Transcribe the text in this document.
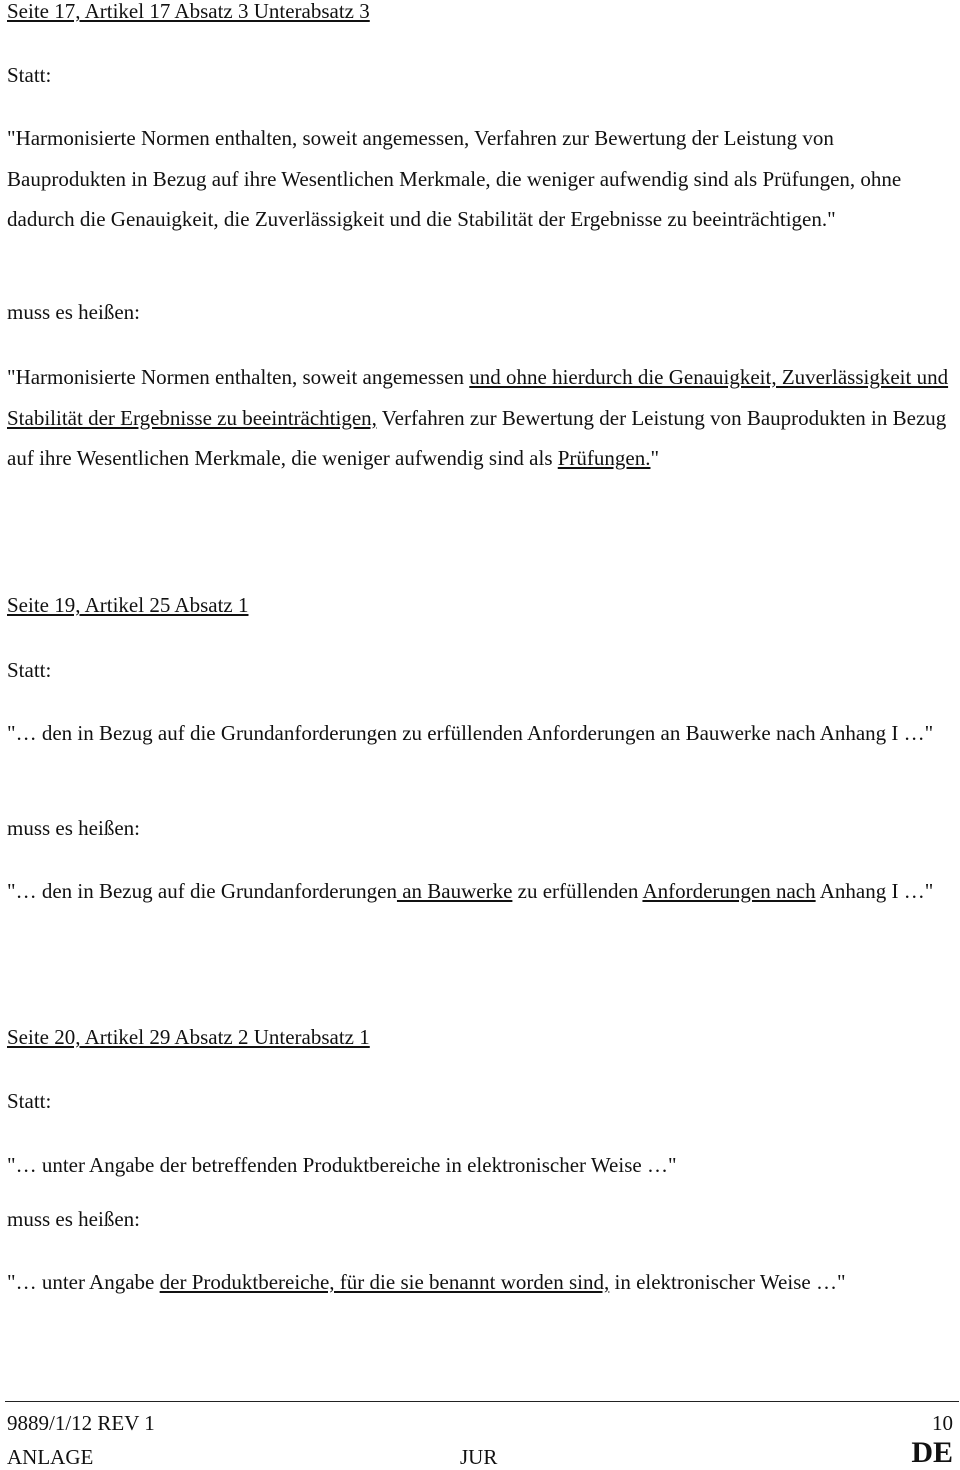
Seite 17, Artikel 17 Absatz 3 Unterabsatz 3

Statt:

"Harmonisierte Normen enthalten, soweit angemessen, Verfahren zur Bewertung der Leistung von Bauprodukten in Bezug auf ihre Wesentlichen Merkmale, die weniger aufwendig sind als Prüfungen, ohne dadurch die Genauigkeit, die Zuverlässigkeit und die Stabilität der Ergebnisse zu beeinträchtigen."

muss es heißen:

"Harmonisierte Normen enthalten, soweit angemessen und ohne hierdurch die Genauigkeit, Zuverlässigkeit und Stabilität der Ergebnisse zu beeinträchtigen, Verfahren zur Bewertung der Leistung von Bauprodukten in Bezug auf ihre Wesentlichen Merkmale, die weniger aufwendig sind als Prüfungen."

Seite 19, Artikel 25 Absatz 1

Statt:

"… den in Bezug auf die Grundanforderungen zu erfüllenden Anforderungen an Bauwerke nach Anhang I …"

muss es heißen:

"… den in Bezug auf die Grundanforderungen an Bauwerke zu erfüllenden Anforderungen nach Anhang I …"

Seite 20, Artikel 29 Absatz 2 Unterabsatz 1

Statt:

"… unter Angabe der betreffenden Produktbereiche in elektronischer Weise …"

muss es heißen:

"… unter Angabe der Produktbereiche, für die sie benannt worden sind, in elektronischer Weise …"

9889/1/12 REV 1	10
ANLAGE	JUR	DE
